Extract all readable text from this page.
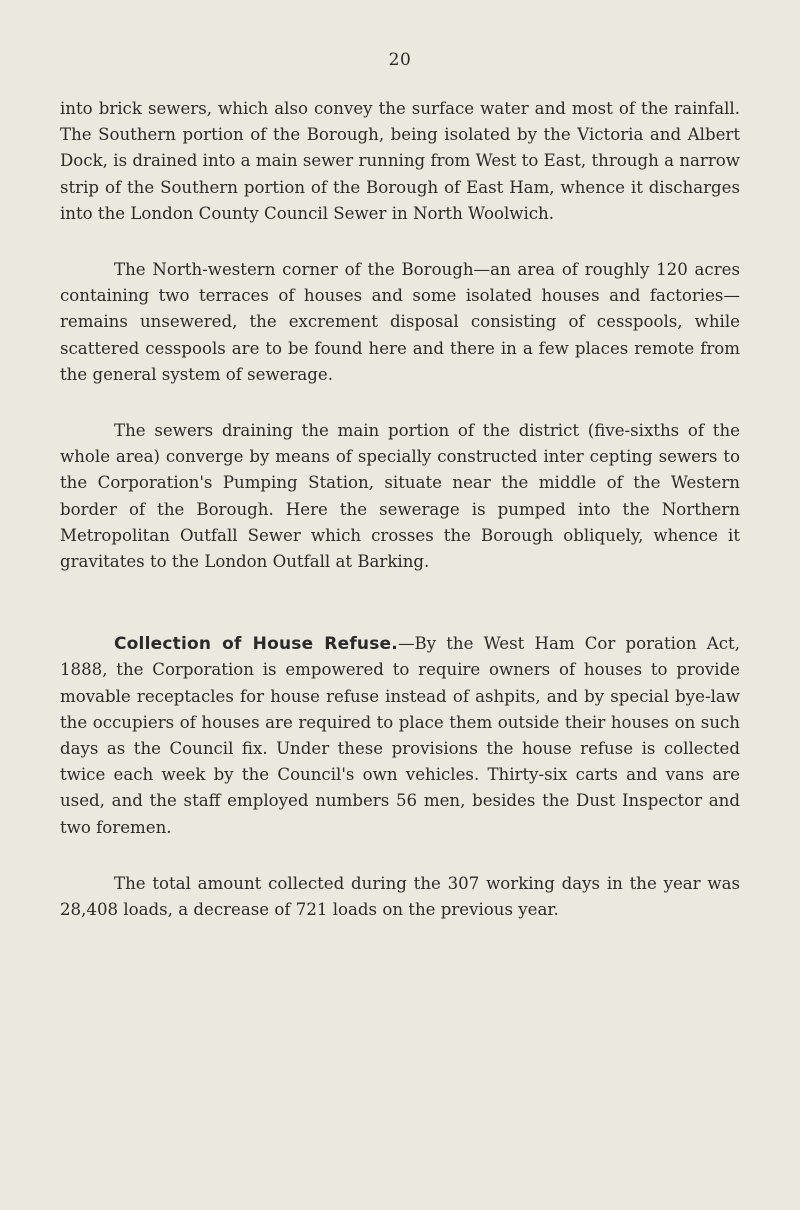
20

into brick sewers, which also convey the surface water and most of the rainfall. The Southern portion of the Borough, being isolated by the Victoria and Albert Dock, is drained into a main sewer running from West to East, through a narrow strip of the Southern portion of the Borough of East Ham, whence it discharges into the London County Council Sewer in North Woolwich.

The North-western corner of the Borough—an area of roughly 120 acres containing two terraces of houses and some isolated houses and factories—remains unsewered, the excrement disposal consisting of cesspools, while scattered cesspools are to be found here and there in a few places remote from the general system of sewerage.

The sewers draining the main portion of the district (five-sixths of the whole area) converge by means of specially constructed inter cepting sewers to the Corporation's Pumping Station, situate near the middle of the Western border of the Borough. Here the sewerage is pumped into the Northern Metropolitan Outfall Sewer which crosses the Borough obliquely, whence it gravitates to the London Outfall at Barking.

Collection of House Refuse.—By the West Ham Cor poration Act, 1888, the Corporation is empowered to require owners of houses to provide movable receptacles for house refuse instead of ashpits, and by special bye-law the occupiers of houses are required to place them outside their houses on such days as the Council fix. Under these provisions the house refuse is collected twice each week by the Council's own vehicles. Thirty-six carts and vans are used, and the staff employed numbers 56 men, besides the Dust Inspector and two foremen.

The total amount collected during the 307 working days in the year was 28,408 loads, a decrease of 721 loads on the previous year.
